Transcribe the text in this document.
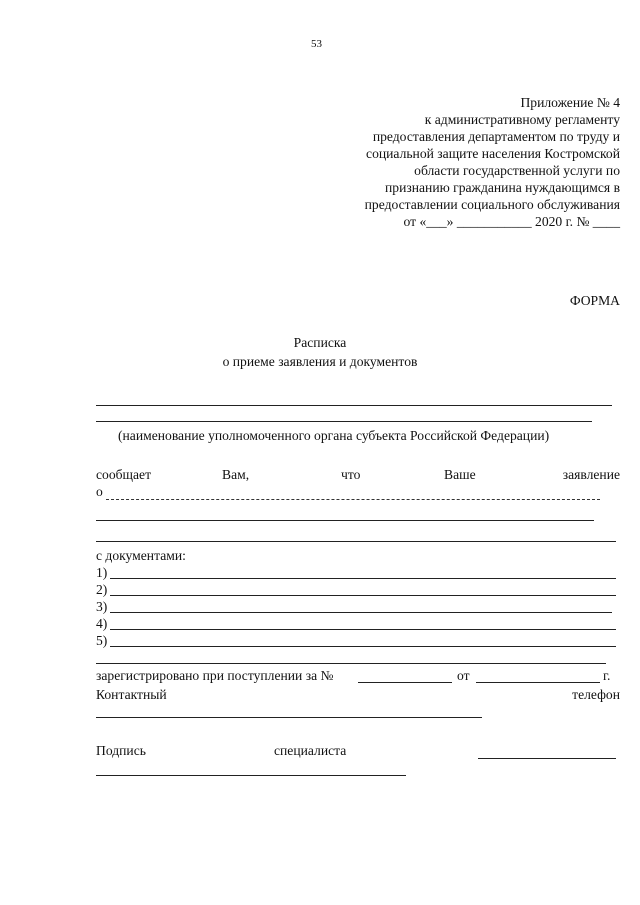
53
Приложение № 4
к административному регламенту
предоставления департаментом по труду и
социальной защите населения Костромской
области государственной услуги по
признанию гражданина нуждающимся в
предоставлении социального обслуживания
от «___» ___________ 2020 г. № ____
ФОРМА
Расписка
о приеме заявления и документов
(наименование уполномоченного органа субъекта Российской Федерации)
сообщает	Вам,	что	Ваше	заявление
о
с документами:
1)
2)
3)
4)
5)
зарегистрировано при поступлении за №	от	г.
Контактный	телефон
Подпись	специалиста
